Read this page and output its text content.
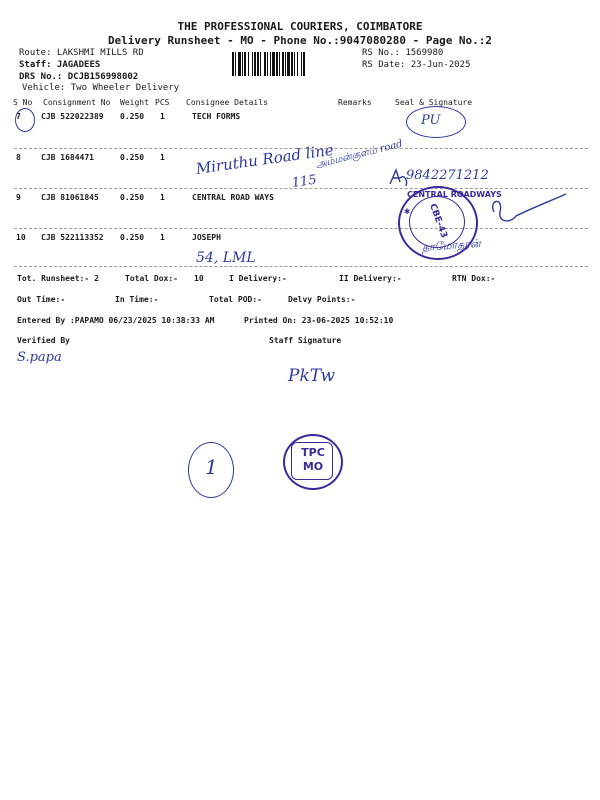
THE PROFESSIONAL COURIERS, COIMBATORE
Delivery Runsheet - MO - Phone No.:9047080280 - Page No.:2
Route: LAKSHMI MILLS RD
Staff: JAGADEES
DRS No.: DCJB156998002
Vehicle: Two Wheeler Delivery
RS No.: 1569980
RS Date: 23-Jun-2025
S No Consignment No Weight PCS Consignee Details	Remarks	Seal & Signature
7	CJB 522022389 0.250 1	TECH FORMS
8	CJB 1684471	0.250 1
9	CJB 81061845	0.250 1	CENTRAL ROAD WAYS
10 CJB 522113352 0.250 1	JOSEPH
Tot. Runsheet:- 2	Total Dox:- 10	I Delivery:-	II Delivery:-	RTN Dox:-
Out Time:-	In Time:-	Total POD:-	Delvy Points:-
Entered By :PAPAMO 06/23/2025 10:38:33 AM	Printed On: 23-06-2025 10:52:10
Verified By	Staff Signature
PU
Miruthu Road line
115
அம்மன்குளம் road
9842271212
54, LML
தாமோதரன்
CENTRAL ROADWAYS
CBE-43
✱
S.papa
PkTw
1
TPC
MO
